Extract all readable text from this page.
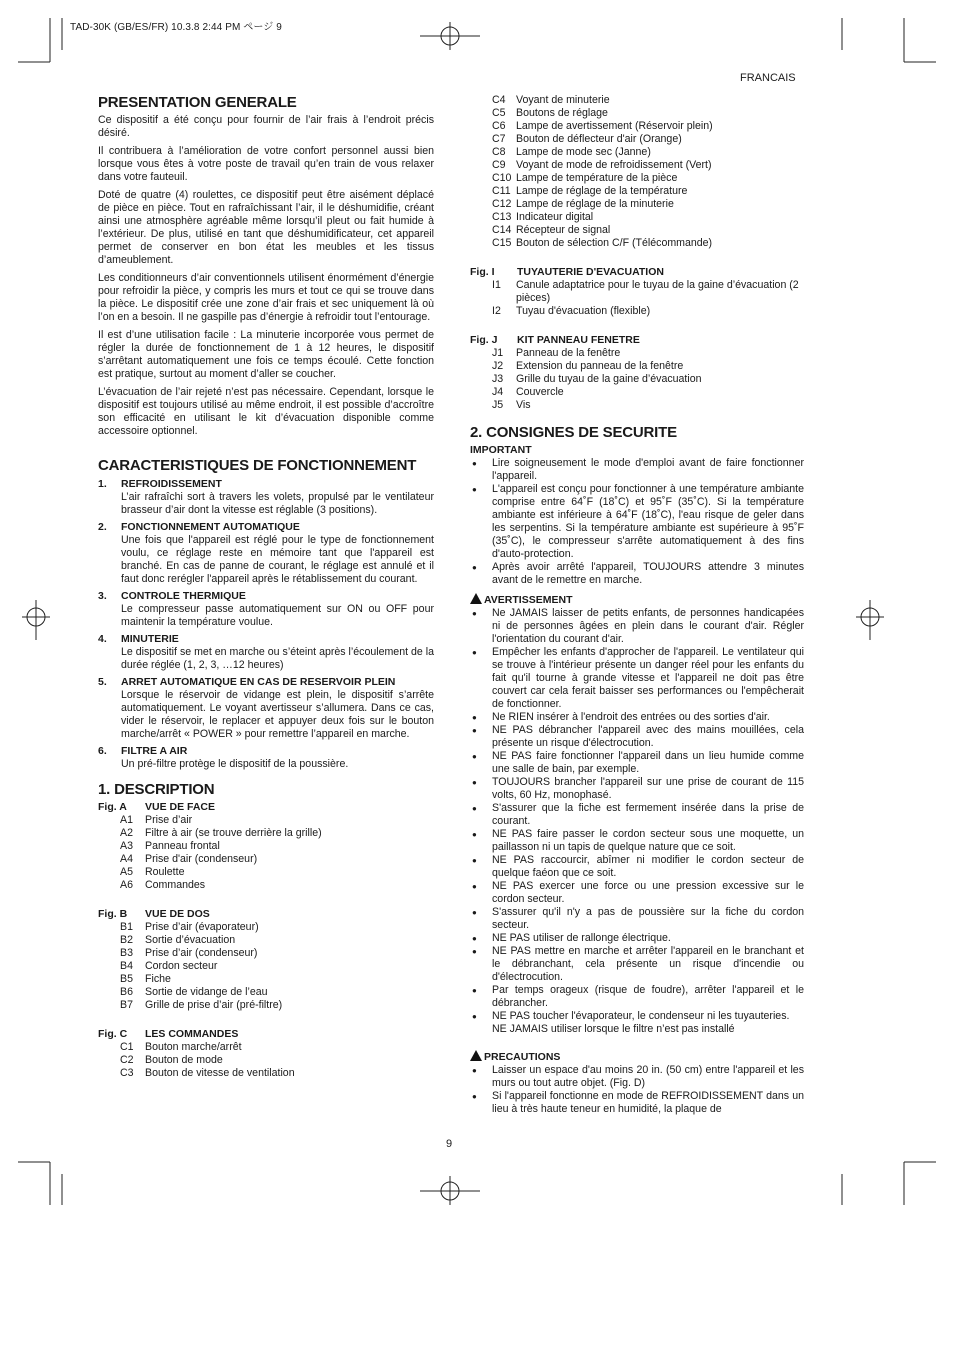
TAD-30K (GB/ES/FR) 10.3.8 2:44 PM ページ 9
FRANCAIS
PRESENTATION GENERALE

Ce dispositif a été conçu pour fournir de l’air frais à l’endroit précis désiré.

Il contribuera à l’amélioration de votre confort personnel aussi bien lorsque vous êtes à votre poste de travail qu’en train de vous relaxer dans votre fauteuil.

Doté de quatre (4) roulettes, ce dispositif peut être aisément déplacé de pièce en pièce. Tout en rafraîchissant l’air, il le déshumidifie, créant ainsi une atmosphère agréable même lorsqu’il pleut ou fait humide à l’extérieur. De plus, utilisé en tant que déshumidificateur, cet appareil permet de conserver en bon état les meubles et les tissus d’ameublement.

Les conditionneurs d’air conventionnels utilisent énormément d’énergie pour refroidir la pièce, y compris les murs et tout ce qui se trouve dans la pièce. Le dispositif crée une zone d’air frais et sec uniquement là où l’on en a besoin. Il ne gaspille pas d’énergie à refroidir tout l’entourage.

Il est d’une utilisation facile : La minuterie incorporée vous permet de régler la durée de fonctionnement de 1 à 12 heures, le dispositif s’arrêtant automatiquement une fois ce temps écoulé. Cette fonction est pratique, surtout au moment d’aller se coucher.

L’évacuation de l’air rejeté n’est pas nécessaire. Cependant, lorsque le dispositif est toujours utilisé au même endroit, il est possible d’accroître son efficacité en utilisant le kit d’évacuation disponible comme accessoire optionnel.

CARACTERISTIQUES DE FONCTIONNEMENT
1. REFROIDISSEMENT
L’air rafraîchi sort à travers les volets, propulsé par le ventilateur brasseur d’air dont la vitesse est réglable (3 positions).
2. FONCTIONNEMENT AUTOMATIQUE
Une fois que l'appareil est réglé pour le type de fonctionnement voulu, ce réglage reste en mémoire tant que l'appareil est branché. En cas de panne de courant, le réglage est annulé et il faut donc rerégler l'appareil après le rétablissement du courant.
3. CONTROLE THERMIQUE
Le compresseur passe automatiquement sur ON ou OFF pour maintenir la température voulue.
4. MINUTERIE
Le dispositif se met en marche ou s’éteint après l’écoulement de la durée réglée (1, 2, 3, …12 heures)
5. ARRET AUTOMATIQUE EN CAS DE RESERVOIR PLEIN
Lorsque le réservoir de vidange est plein, le dispositif s’arrête automatiquement. Le voyant avertisseur s’allumera. Dans ce cas, vider le réservoir, le replacer et appuyer deux fois sur le bouton marche/arrêt « POWER » pour remettre l’appareil en marche.
6. FILTRE A AIR
Un pré-filtre protège le dispositif de la poussière.
1. DESCRIPTION
Fig. A VUE DE FACE
A1 Prise d’air
A2 Filtre à air (se trouve derrière la grille)
A3 Panneau frontal
A4 Prise d'air (condenseur)
A5 Roulette
A6 Commandes
Fig. B VUE DE DOS
B1 Prise d’air (évaporateur)
B2 Sortie d’évacuation
B3 Prise d’air (condenseur)
B4 Cordon secteur
B5 Fiche
B6 Sortie de vidange de l’eau
B7 Grille de prise d’air (pré-filtre)
Fig. C LES COMMANDES
C1 Bouton marche/arrêt
C2 Bouton de mode
C3 Bouton de vitesse de ventilation
C4 Voyant de minuterie
C5 Boutons de réglage
C6 Lampe de avertissement (Réservoir plein)
C7 Bouton de déflecteur d'air (Orange)
C8 Lampe de mode sec (Janne)
C9 Voyant de mode de refroidissement (Vert)
C10 Lampe de température de la pièce
C11 Lampe de réglage de la température
C12 Lampe de réglage de la minuterie
C13 Indicateur digital
C14 Récepteur de signal
C15 Bouton de sélection C/F (Télécommande)
Fig. I TUYAUTERIE D'EVACUATION
I1	Canule adaptatrice pour le tuyau de la gaine d’évacuation (2 pièces)
I2 Tuyau d'évacuation (flexible)
Fig. J KIT PANNEAU FENETRE
J1 Panneau de la fenêtre
J2 Extension du panneau de la fenêtre
J3 Grille du tuyau de la gaine d’évacuation
J4 Couvercle
J5 Vis
2. CONSIGNES DE SECURITE
IMPORTANT
● Lire soigneusement le mode d'emploi avant de faire fonctionner l'appareil.
● L'appareil est conçu pour fonctionner à une température ambiante comprise entre 64˚F (18˚C) et 95˚F (35˚C). Si la température ambiante est inférieure à 64˚F (18˚C), l'eau risque de geler dans les serpentins. Si la température ambiante est supérieure à 95˚F (35˚C), le compresseur s'arrête automatiquement à des fins d'auto-protection.
● Après avoir arrêté l'appareil, TOUJOURS attendre 3 minutes avant de le remettre en marche.
AVERTISSEMENT
● Ne JAMAIS laisser de petits enfants, de personnes handicapées ni de personnes âgées en plein dans le courant d'air. Régler l'orientation du courant d'air.
● Empêcher les enfants d'approcher de l'appareil. Le ventilateur qui se trouve à l'intérieur présente un danger réel pour les enfants du fait qu'il tourne à grande vitesse et l'appareil ne doit pas être couvert car cela ferait baisser ses performances ou l'empêcherait de fonctionner.
● Ne RIEN insérer à l'endroit des entrées ou des sorties d'air.
● NE PAS débrancher l'appareil avec des mains mouillées, cela présente un risque d'électrocution.
● NE PAS faire fonctionner l'appareil dans un lieu humide comme une salle de bain, par exemple.
● TOUJOURS brancher l'appareil sur une prise de courant de 115 volts, 60 Hz, monophasé.
● S'assurer que la fiche est fermement insérée dans la prise de courant.
● NE PAS faire passer le cordon secteur sous une moquette, un paillasson ni un tapis de quelque nature que ce soit.
● NE PAS raccourcir, abîmer ni modifier le cordon secteur de quelque faéon que ce soit.
● NE PAS exercer une force ou une pression excessive sur le cordon secteur.
● S'assurer qu'il n'y a pas de poussière sur la fiche du cordon secteur.
● NE PAS utiliser de rallonge électrique.
● NE PAS mettre en marche et arrêter l'appareil en le branchant et le débranchant, cela présente un risque d'incendie ou d'électrocution.
● Par temps orageux (risque de foudre), arrêter l'appareil et le débrancher.
● NE PAS toucher l'évaporateur, le condenseur ni les tuyauteries.
NE JAMAIS utiliser lorsque le filtre n’est pas installé
PRECAUTIONS
● Laisser un espace d'au moins 20 in. (50 cm) entre l'appareil et les murs ou tout autre objet. (Fig. D)
● Si l'appareil fonctionne en mode de REFROIDISSEMENT dans un lieu à très haute teneur en humidité, la plaque de
9
